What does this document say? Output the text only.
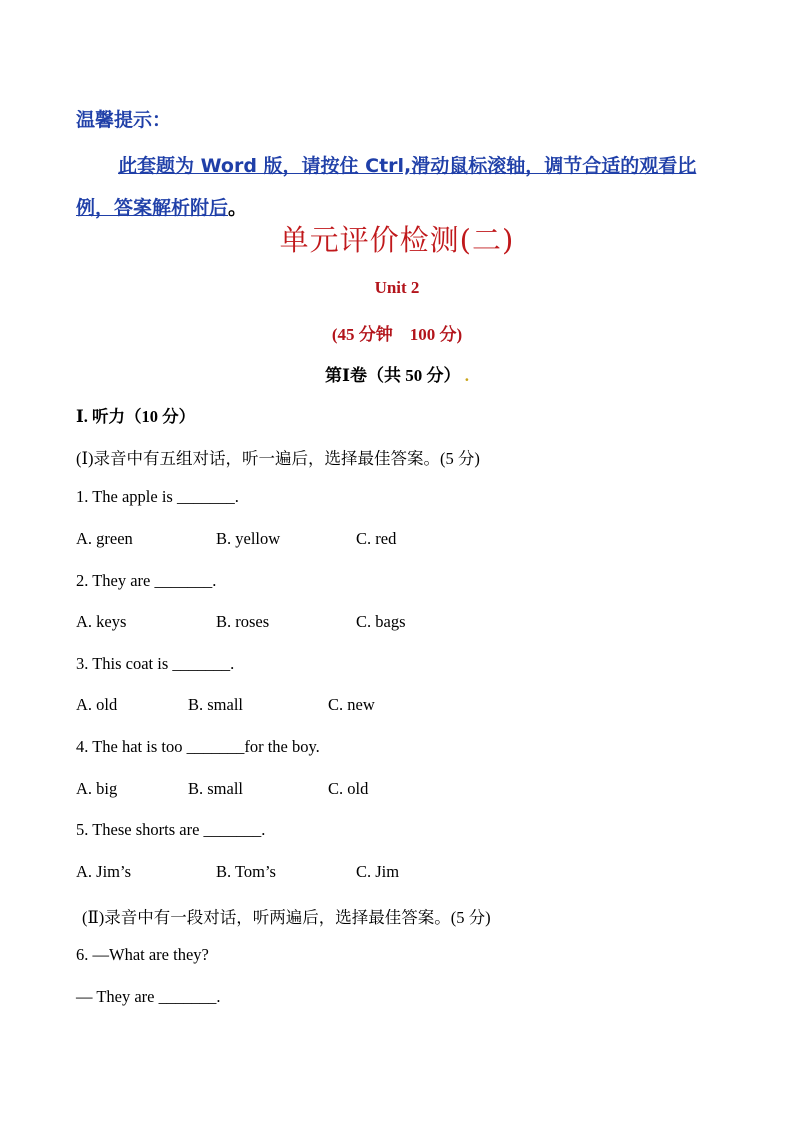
温馨提示：
此套题为 Word 版，请按住 Ctrl,滑动鼠标滚轴，调节合适的观看比例，答案解析附后。
单元评价检测(二)
Unit 2
(45 分钟　100 分)
第Ⅰ卷（共 50 分） .
Ⅰ. 听力（10 分）
(Ⅰ)录音中有五组对话，听一遍后，选择最佳答案。(5 分)
1. The apple is _______.
A. green	B. yellow	C. red
2. They are _______.
A. keys	B. roses	C. bags
3. This coat is _______.
A. old	B. small	C. new
4. The hat is too _______for the boy.
A. big	B. small	C. old
5. These shorts are _______.
A. Jim’s	B. Tom’s	C. Jim
(Ⅱ)录音中有一段对话，听两遍后，选择最佳答案。(5 分)
6. —What are they?
— They are _______.
